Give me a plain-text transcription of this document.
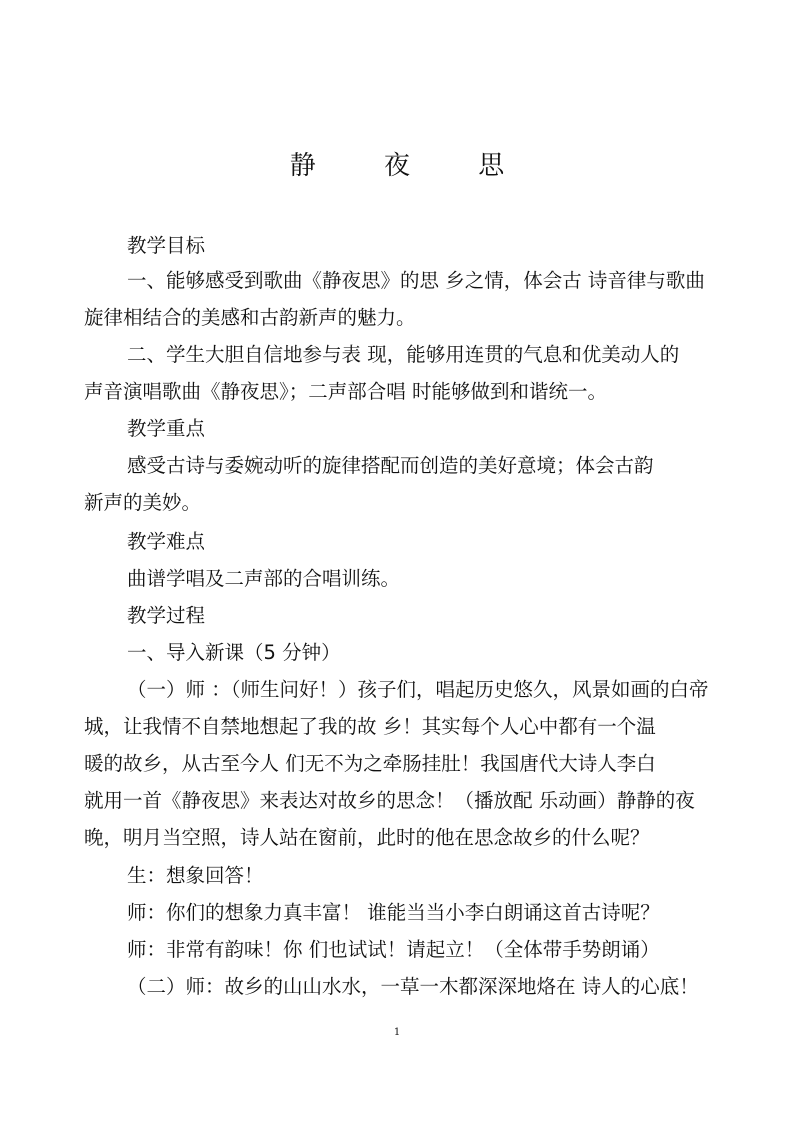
静 夜 思
教学目标
一、能够感受到歌曲《静夜思》的思 乡之情，体会古 诗音律与歌曲
旋律相结合的美感和古韵新声的魅力。
二、学生大胆自信地参与表 现，能够用连贯的气息和优美动人的
声音演唱歌曲《静夜思》；二声部合唱 时能够做到和谐统一。
教学重点
感受古诗与委婉动听的旋律搭配而创造的美好意境；体会古韵
新声的美妙。
教学难点
曲谱学唱及二声部的合唱训练。
教学过程
一、导入新课（5 分钟）
（一）师 ：（师生问好！）孩子们，唱起历史悠久，风景如画的白帝
城，让我情不自禁地想起了我的故 乡！其实每个人心中都有一个温
暖的故乡，从古至今人 们无不为之牵肠挂肚！我国唐代大诗人李白
就用一首《静夜思》来表达对故乡的思念！（播放配 乐动画）静静的夜
晚，明月当空照，诗人站在窗前，此时的他在思念故乡的什么呢？
生：想象回答！
师：你们的想象力真丰富！ 谁能当当小李白朗诵这首古诗呢？
师：非常有韵味！你 们也试试！请起立！（全体带手势朗诵）
（二）师：故乡的山山水水，一草一木都深深地烙在 诗人的心底！
1
